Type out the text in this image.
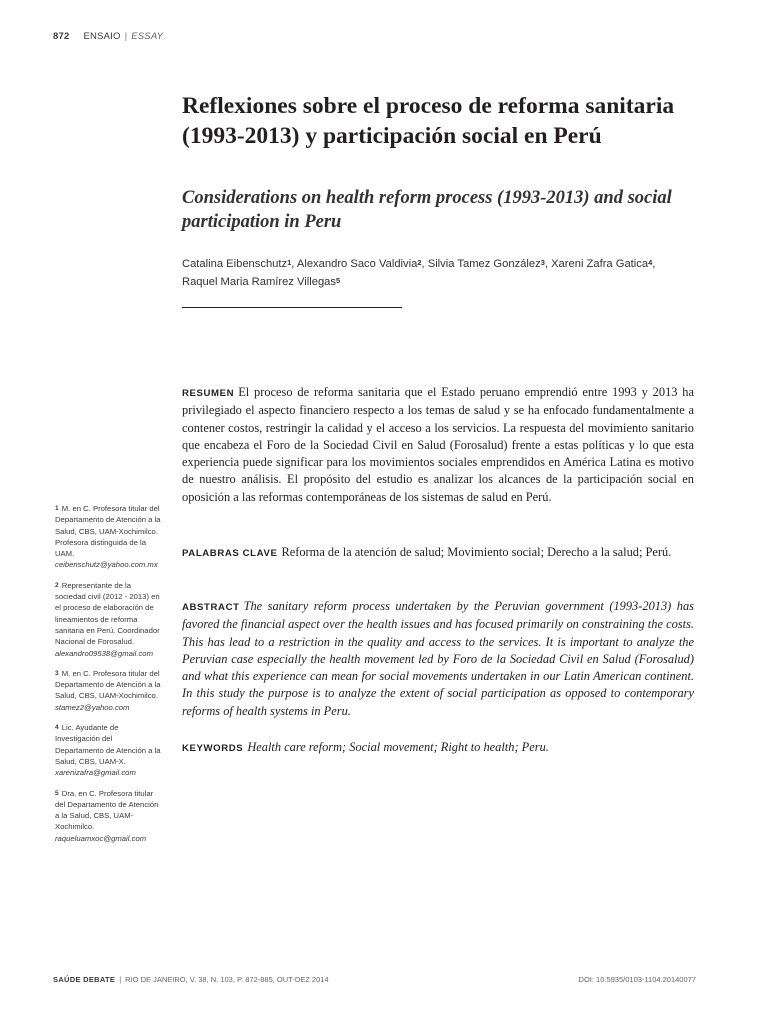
872 ENSAIO | ESSAY
Reflexiones sobre el proceso de reforma sanitaria (1993-2013) y participación social en Perú
Considerations on health reform process (1993-2013) and social participation in Peru
Catalina Eibenschutz$^1$, Alexandro Saco Valdivia$^2$, Silvia Tamez González$^3$, Xareni Zafra Gatica$^4$,
Raquel Maria Ramírez Villegas$^5$
RESUMEN El proceso de reforma sanitaria que el Estado peruano emprendió entre 1993 y 2013 ha privilegiado el aspecto financiero respecto a los temas de salud y se ha enfocado fundamentalmente a contener costos, restringir la calidad y el acceso a los servicios. La respuesta del movimiento sanitario que encabeza el Foro de la Sociedad Civil en Salud (Forosalud) frente a estas políticas y lo que esta experiencia puede significar para los movimientos sociales emprendidos en América Latina es motivo de nuestro análisis. El propósito del estudio es analizar los alcances de la participación social en oposición a las reformas contemporáneas de los sistemas de salud en Perú.
PALABRAS CLAVE Reforma de la atención de salud; Movimiento social; Derecho a la salud; Perú.
ABSTRACT The sanitary reform process undertaken by the Peruvian government (1993-2013) has favored the financial aspect over the health issues and has focused primarily on constraining the costs. This has lead to a restriction in the quality and access to the services. It is important to analyze the Peruvian case especially the health movement led by Foro de la Sociedad Civil en Salud (Forosalud) and what this experience can mean for social movements undertaken in our Latin American continent. In this study the purpose is to analyze the extent of social participation as opposed to contemporary reforms of health systems in Peru.
KEYWORDS Health care reform; Social movement; Right to health; Peru.
$^1$ M. en C. Profesora titular del Departamento de Atención a la Salud, CBS, UAM-Xochimilco. Profesora distinguida de la UAM.
ceibenschutz@yahoo.com.mx
$^2$ Representante de la sociedad civil (2012 - 2013) en el proceso de elaboración de lineamientos de reforma sanitaria en Perú. Coordinador Nacional de Forosalud.
alexandro09538@gmail.com
$^3$ M. en C. Profesora titular del Departamento de Atención a la Salud, CBS, UAM-Xochimilco.
stamez2@yahoo.com
$^4$ Lic. Ayudante de Investigación del Departamento de Atención a la Salud, CBS, UAM-X.
xarenizafra@gmail.com
$^5$ Dra. en C. Profesora titular del Departamento de Atención a la Salud, CBS, UAM-Xochimilco.
raqueluamxoc@gmail.com
SAÚDE DEBATE | RIO DE JANEIRO, V. 38, N. 103, P. 872-885, OUT-DEZ 2014	DOI: 10.5935/0103-1104.20140077
